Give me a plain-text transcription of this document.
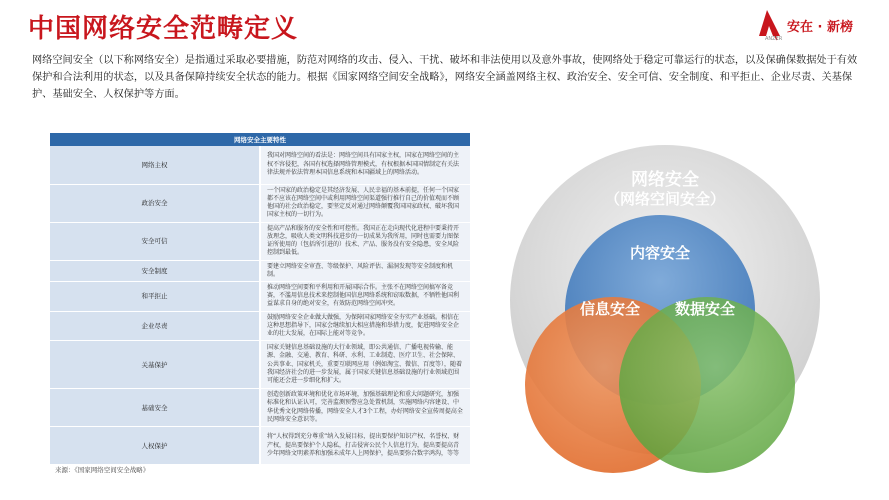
中国网络安全范畴定义	安在 · 新榜
ANZER
网络空间安全（以下称网络安全）是指通过采取必要措施，防范对网络的攻击、侵入、干扰、破坏和非法使用以及意外事故，使网络处于稳定可靠运行的状态，以及保确保数据处于有效保护和合法利用的状态，以及具备保障持续安全状态的能力。根据《国家网络空间安全战略》，网络安全涵盖网络主权、政治安全、安全可信、安全制度、和平拒止、企业尽责、关基保护、基础安全、人权保护等方面。
网络安全主要特性	
网络主权	我国对网络空间的看法是：网络空间具有国家主权，国家在网络空间的主权不容侵犯，各国有权选择网络管理模式，有权根据本国国情制定有关法律法规并依法管理本国信息系统和本国疆域上的网络活动。
政治安全	一个国家的政治稳定是其经济发展、人民幸福的基本前提，任何一个国家都不应该在网络空间中或利用网络空间渠道强行推行自己的价值观而不顾他国的社会政治稳定，要坚定反对通过网络颠覆我国国家政权、破坏我国国家主权的一切行为。
安全可信	提高产品和服务的安全性和可控性。我国正在走向现代化进程中要秉持开放理念，吸收人类文明科技进步的一切成果为我所用，同时也需要力图保证所使用的（包括所引进的）技术、产品、服务没有安全隐患，安全风险控制到最低。
安全制度	要建立网络安全审查、等级保护、风险评估、漏洞发现等安全制度和机制。
和平拒止	推动网络空间要和平利用和开展国际合作。主张不在网络空间搞军备竞赛，不滥用信息技术来控制他国信息网络系统和窃取数据，不牺牲他国利益谋求自身的绝对安全，有效防范网络空间冲突。
企业尽责	鼓励网络安全企业做大做强，为保障国家网络安全夯实产业基础。相信在这种思想指导下，国家会继续加大相应措施和举措力度，促进网络安全企业的壮大发展，在国际上能对等竞争。
关基保护	国家关键信息基础设施的大行业领域，即公共通信、广播电视传输、能源、金融、交通、教育、科研、水利、工业制造、医疗卫生、社会保障、公共事业、国家机关，重要互联网应用（例如淘宝、微信、百度等），随着我国经济社会的进一步发展，属于国家关键信息基础设施的行业领域范围可能还会进一步细化和扩大。
基础安全	创造创新政策环境和优化市场环境，加强基础理论和重大问题研究，加强标准化和认证认可，完善监测预警应急处置机制，实施网络内容建设、中华优秀文化网络传播，网络安全人才3个工程，办好网络安全宣传周提高全民网络安全意识等。
人权保护	将“人权得到充分尊重”纳入发展目标，提出要保护知识产权、名誉权、财产权，提出要保护个人隐私，打击侵害公民个人信息行为，提出要提高青少年网络文明素养和加强未成年人上网保护，提出要弥合数字鸿沟，等等
来源：《国家网络空间安全战略》
网络安全
（网络空间安全）
内容安全
信息安全	数据安全
